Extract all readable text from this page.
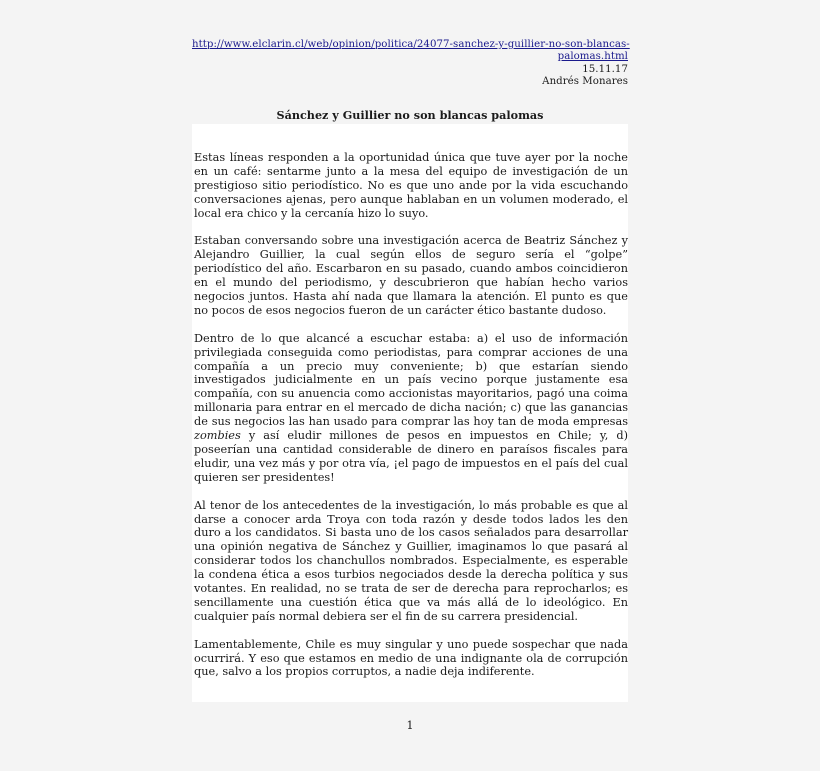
http://www.elclarin.cl/web/opinion/politica/24077-sanchez-y-guillier-no-son-blancas-
palomas.html
15.11.17
Andrés Monares
Sánchez y Guillier no son blancas palomas

Estas líneas responden a la oportunidad única que tuve ayer por la noche en un café: sentarme junto a la mesa del equipo de investigación de un prestigioso sitio periodístico. No es que uno ande por la vida escuchando conversaciones ajenas, pero aunque hablaban en un volumen moderado, el local era chico y la cercanía hizo lo suyo.

Estaban conversando sobre una investigación acerca de Beatriz Sánchez y Alejandro Guillier, la cual según ellos de seguro sería el “golpe” periodístico del año. Escarbaron en su pasado, cuando ambos coincidieron en el mundo del periodismo, y descubrieron que habían hecho varios negocios juntos. Hasta ahí nada que llamara la atención. El punto es que no pocos de esos negocios fueron de un carácter ético bastante dudoso.

Dentro de lo que alcancé a escuchar estaba: a) el uso de información privilegiada conseguida como periodistas, para comprar acciones de una compañía a un precio muy conveniente; b) que estarían siendo investigados judicialmente en un país vecino porque justamente esa compañía, con su anuencia como accionistas mayoritarios, pagó una coima millonaria para entrar en el mercado de dicha nación; c) que las ganancias de sus negocios las han usado para comprar las hoy tan de moda empresas zombies y así eludir millones de pesos en impuestos en Chile; y, d) poseerían una cantidad considerable de dinero en paraísos fiscales para eludir, una vez más y por otra vía, ¡el pago de impuestos en el país del cual quieren ser presidentes!

Al tenor de los antecedentes de la investigación, lo más probable es que al darse a conocer arda Troya con toda razón y desde todos lados les den duro a los candidatos. Si basta uno de los casos señalados para desarrollar una opinión negativa de Sánchez y Guillier, imaginamos lo que pasará al considerar todos los chanchullos nombrados. Especialmente, es esperable la condena ética a esos turbios negociados desde la derecha política y sus votantes. En realidad, no se trata de ser de derecha para reprocharlos; es sencillamente una cuestión ética que va más allá de lo ideológico. En cualquier país normal debiera ser el fin de su carrera presidencial.

Lamentablemente, Chile es muy singular y uno puede sospechar que nada ocurrirá. Y eso que estamos en medio de una indignante ola de corrupción que, salvo a los propios corruptos, a nadie deja indiferente.

1
